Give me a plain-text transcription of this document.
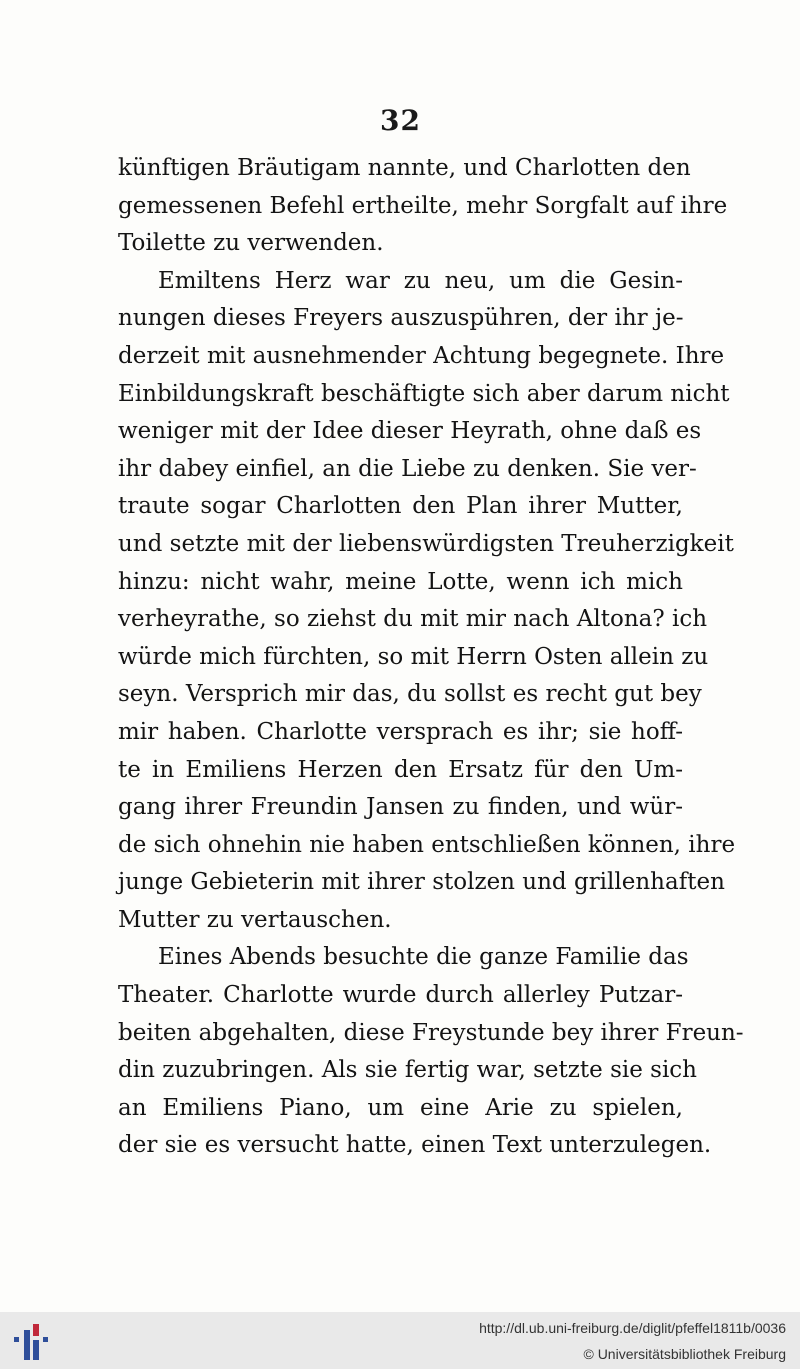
32
künftigen Bräutigam nannte, und Charlotten den
gemessenen Befehl ertheilte, mehr Sorgfalt auf ihre
Toilette zu verwenden.
Emiltens Herz war zu neu, um die Gesin-
nungen dieses Freyers auszuspühren, der ihr je-
derzeit mit ausnehmender Achtung begegnete. Ihre
Einbildungskraft beschäftigte sich aber darum nicht
weniger mit der Idee dieser Heyrath, ohne daß es
ihr dabey einfiel, an die Liebe zu denken. Sie ver-
traute sogar Charlotten den Plan ihrer Mutter,
und setzte mit der liebenswürdigsten Treuherzigkeit
hinzu: nicht wahr, meine Lotte, wenn ich mich
verheyrathe, so ziehst du mit mir nach Altona? ich
würde mich fürchten, so mit Herrn Osten allein zu
seyn. Versprich mir das, du sollst es recht gut bey
mir haben. Charlotte versprach es ihr; sie hoff-
te in Emiliens Herzen den Ersatz für den Um-
gang ihrer Freundin Jansen zu finden, und wür-
de sich ohnehin nie haben entschließen können, ihre
junge Gebieterin mit ihrer stolzen und grillenhaften
Mutter zu vertauschen.
Eines Abends besuchte die ganze Familie das
Theater. Charlotte wurde durch allerley Putzar-
beiten abgehalten, diese Freystunde bey ihrer Freun-
din zuzubringen. Als sie fertig war, setzte sie sich
an Emiliens Piano, um eine Arie zu spielen,
der sie es versucht hatte, einen Text unterzulegen.
http://dl.ub.uni-freiburg.de/diglit/pfeffel1811b/0036
© Universitätsbibliothek Freiburg
